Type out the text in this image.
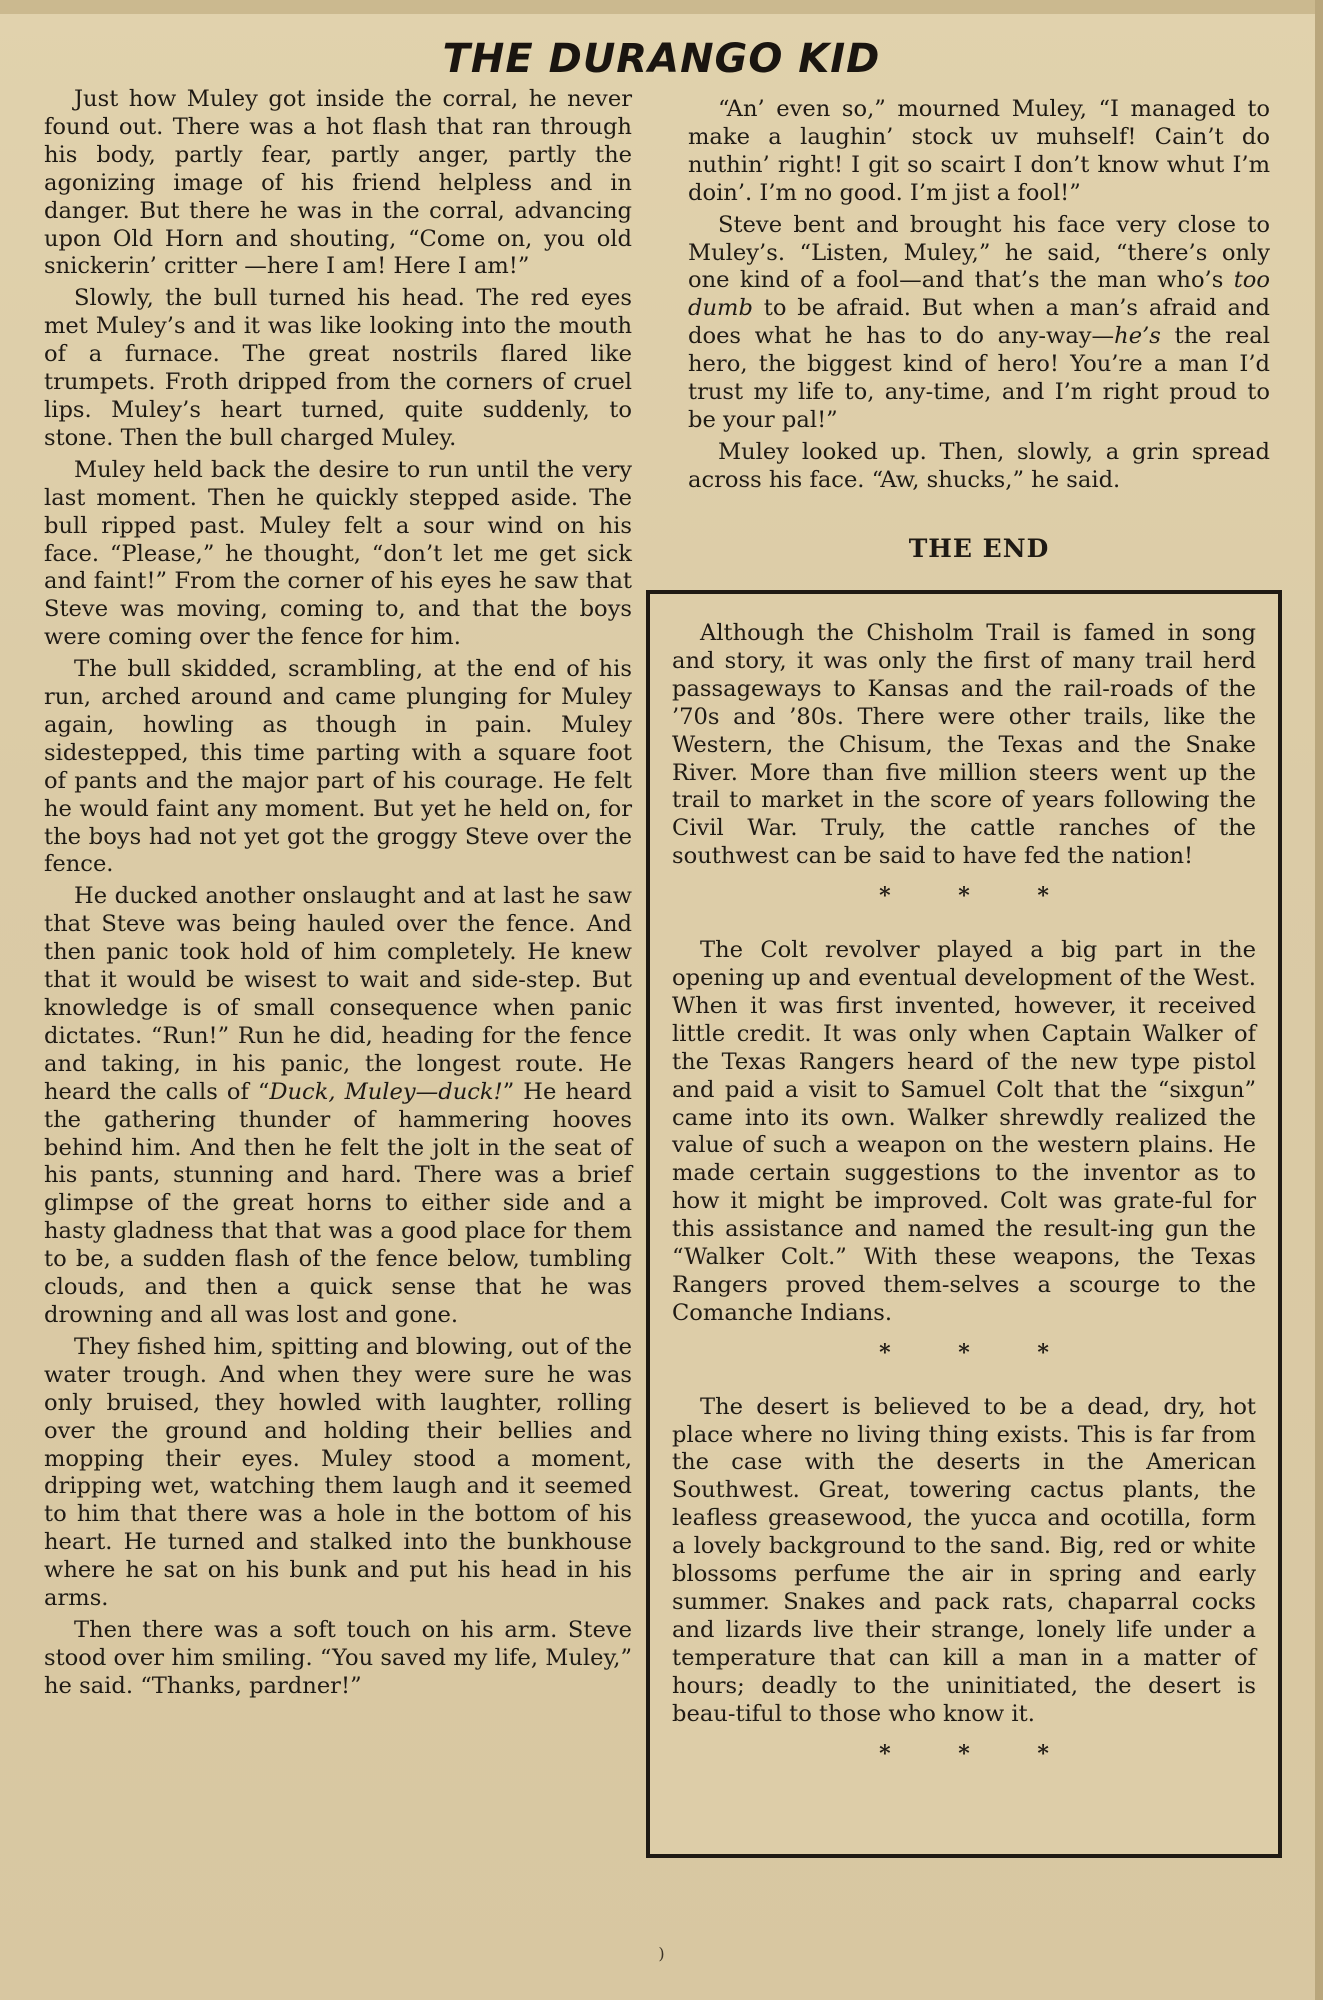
THE DURANGO KID

Just how Muley got inside the corral, he never found out. There was a hot flash that ran through his body, partly fear, partly anger, partly the agonizing image of his friend helpless and in danger. But there he was in the corral, advancing upon Old Horn and shouting, “Come on, you old snickerin’ critter —here I am! Here I am!”

Slowly, the bull turned his head. The red eyes met Muley’s and it was like looking into the mouth of a furnace. The great nostrils flared like trumpets. Froth dripped from the corners of cruel lips. Muley’s heart turned, quite suddenly, to stone. Then the bull charged Muley.

Muley held back the desire to run until the very last moment. Then he quickly stepped aside. The bull ripped past. Muley felt a sour wind on his face. “Please,” he thought, “don’t let me get sick and faint!” From the corner of his eyes he saw that Steve was moving, coming to, and that the boys were coming over the fence for him.

The bull skidded, scrambling, at the end of his run, arched around and came plunging for Muley again, howling as though in pain. Muley sidestepped, this time parting with a square foot of pants and the major part of his courage. He felt he would faint any moment. But yet he held on, for the boys had not yet got the groggy Steve over the fence.

He ducked another onslaught and at last he saw that Steve was being hauled over the fence. And then panic took hold of him completely. He knew that it would be wisest to wait and side-step. But knowledge is of small consequence when panic dictates. “Run!” Run he did, heading for the fence and taking, in his panic, the longest route. He heard the calls of “Duck, Muley—duck!” He heard the gathering thunder of hammering hooves behind him. And then he felt the jolt in the seat of his pants, stunning and hard. There was a brief glimpse of the great horns to either side and a hasty gladness that that was a good place for them to be, a sudden flash of the fence below, tumbling clouds, and then a quick sense that he was drowning and all was lost and gone.

They fished him, spitting and blowing, out of the water trough. And when they were sure he was only bruised, they howled with laughter, rolling over the ground and holding their bellies and mopping their eyes. Muley stood a moment, dripping wet, watching them laugh and it seemed to him that there was a hole in the bottom of his heart. He turned and stalked into the bunkhouse where he sat on his bunk and put his head in his arms.

Then there was a soft touch on his arm. Steve stood over him smiling. “You saved my life, Muley,” he said. “Thanks, pardner!”

“An’ even so,” mourned Muley, “I managed to make a laughin’ stock uv muhself! Cain’t do nuthin’ right! I git so scairt I don’t know whut I’m doin’. I’m no good. I’m jist a fool!”

Steve bent and brought his face very close to Muley’s. “Listen, Muley,” he said, “there’s only one kind of a fool—and that’s the man who’s too dumb to be afraid. But when a man’s afraid and does what he has to do any-way—he’s the real hero, the biggest kind of hero! You’re a man I’d trust my life to, any-time, and I’m right proud to be your pal!”

Muley looked up. Then, slowly, a grin spread across his face. “Aw, shucks,” he said.

THE END

Although the Chisholm Trail is famed in song and story, it was only the first of many trail herd passageways to Kansas and the rail-roads of the ’70s and ’80s. There were other trails, like the Western, the Chisum, the Texas and the Snake River. More than five million steers went up the trail to market in the score of years following the Civil War. Truly, the cattle ranches of the southwest can be said to have fed the nation!

* * *

The Colt revolver played a big part in the opening up and eventual development of the West. When it was first invented, however, it received little credit. It was only when Captain Walker of the Texas Rangers heard of the new type pistol and paid a visit to Samuel Colt that the “sixgun” came into its own. Walker shrewdly realized the value of such a weapon on the western plains. He made certain suggestions to the inventor as to how it might be improved. Colt was grate-ful for this assistance and named the result-ing gun the “Walker Colt.” With these weapons, the Texas Rangers proved them-selves a scourge to the Comanche Indians.

* * *

The desert is believed to be a dead, dry, hot place where no living thing exists. This is far from the case with the deserts in the American Southwest. Great, towering cactus plants, the leafless greasewood, the yucca and ocotilla, form a lovely background to the sand. Big, red or white blossoms perfume the air in spring and early summer. Snakes and pack rats, chaparral cocks and lizards live their strange, lonely life under a temperature that can kill a man in a matter of hours; deadly to the uninitiated, the desert is beau-tiful to those who know it.

* * *
)
